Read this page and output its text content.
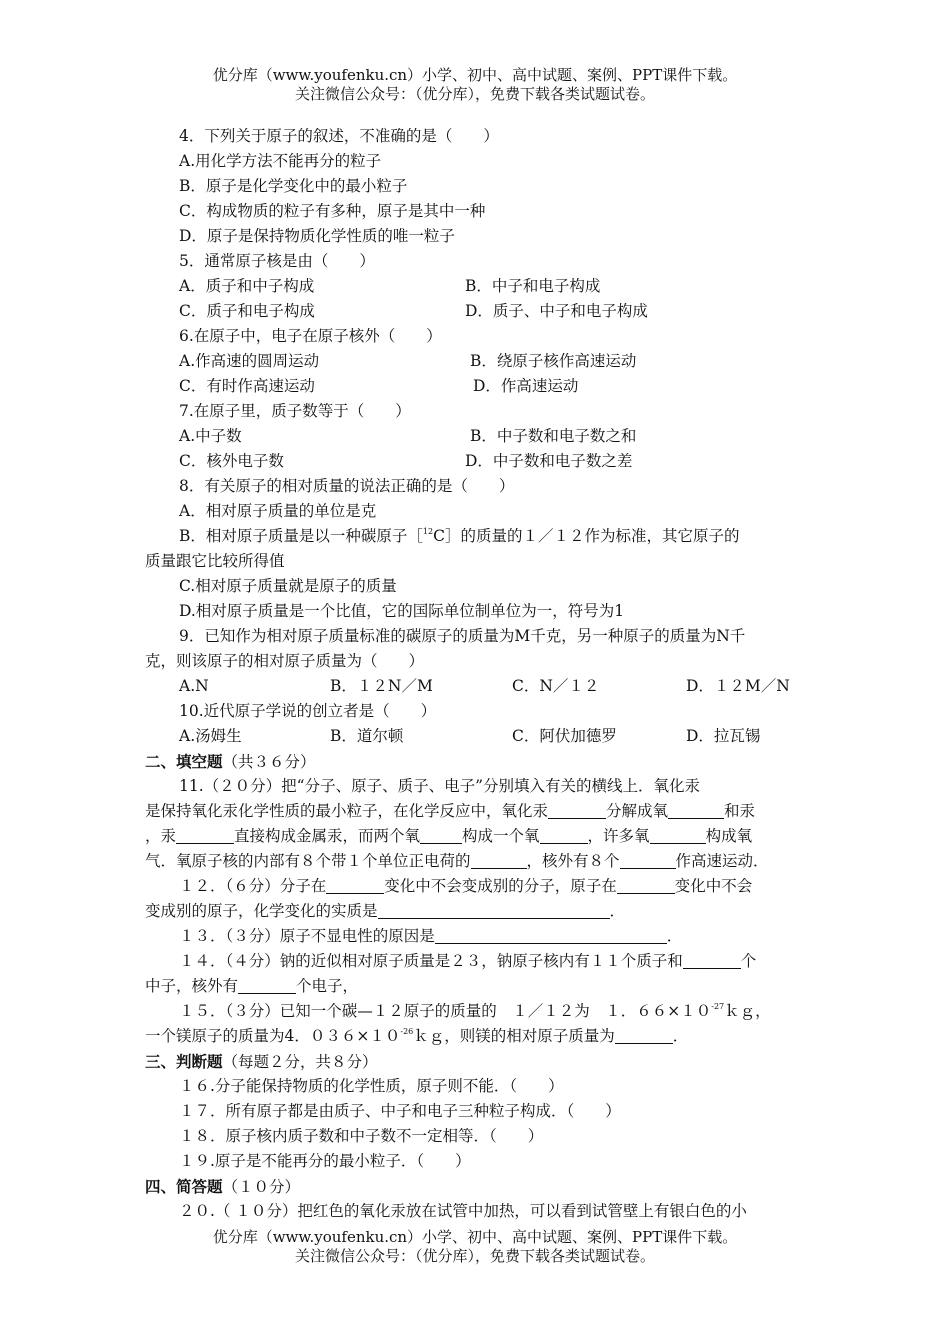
优分库（www.youfenku.cn）小学、初中、高中试题、案例、PPT课件下载。
关注微信公众号：（优分库），免费下载各类试题试卷。
4．下列关于原子的叙述，不准确的是（　　）
A.用化学方法不能再分的粒子
B．原子是化学变化中的最小粒子
C．构成物质的粒子有多种，原子是其中一种
D．原子是保持物质化学性质的唯一粒子
5．通常原子核是由（　　）
A．质子和中子构成	B．中子和电子构成
C．质子和电子构成	D．质子、中子和电子构成
6.在原子中，电子在原子核外（　　）
A.作高速的圆周运动	B．绕原子核作高速运动
C．有时作高速运动	D．作高速运动
7.在原子里，质子数等于（　　）
A.中子数	B．中子数和电子数之和
C．核外电子数	D．中子数和电子数之差
8．有关原子的相对质量的说法正确的是（　　）
A．相对原子质量的单位是克
B．相对原子质量是以一种碳原子［$^{12}$C］的质量的１／１２作为标准，其它原子的
质量跟它比较所得值
C.相对原子质量就是原子的质量
D.相对原子质量是一个比值，它的国际单位制单位为一，符号为1
9．已知作为相对原子质量标准的碳原子的质量为M千克，另一种原子的质量为N千
克，则该原子的相对原子质量为（　　）
A.N	B．１２N／M	C．N／１２	D．１２M／N
10.近代原子学说的创立者是（　　）
A.汤姆生	B．道尔顿	C．阿伏加德罗	D．拉瓦锡
二、填空题（共３６分）
11.（２０分）把“分子、原子、质子、电子”分别填入有关的横线上．氧化汞
是保持氧化汞化学性质的最小粒子，在化学反应中，氧化汞	分解成氧	和汞
，汞	直接构成金属汞，而两个氧	构成一个氧	，许多氧	构成氧
气．氧原子核的内部有８个带１个单位正电荷的	，核外有８个	作高速运动．
１２．（６分）分子在	变化中不会变成别的分子，原子在	变化中不会
变成别的原子，化学变化的实质是	．
１３．（３分）原子不显电性的原因是	．
１４．（４分）钠的近似相对原子质量是２３，钠原子核内有１１个质子和	个
中子，核外有	个电子，
１５．（３分）已知一个碳—１２原子的质量的　１／１２为　１．$66\times 10^{-27}kg$，
一个镁原子的质量为4．$036\times 10^{-26}kg$，则镁的相对原子质量为	．
三、判断题（每题２分，共８分）
１６.分子能保持物质的化学性质，原子则不能．（　　）
１７．所有原子都是由质子、中子和电子三种粒子构成．（　　）
１８．原子核内质子数和中子数不一定相等．（　　）
１９.原子是不能再分的最小粒子．（　　）
四、简答题（１０分）
２０.（ １０分）把红色的氧化汞放在试管中加热，可以看到试管壁上有银白色的小
优分库（www.youfenku.cn）小学、初中、高中试题、案例、PPT课件下载。
关注微信公众号：（优分库），免费下载各类试题试卷。
